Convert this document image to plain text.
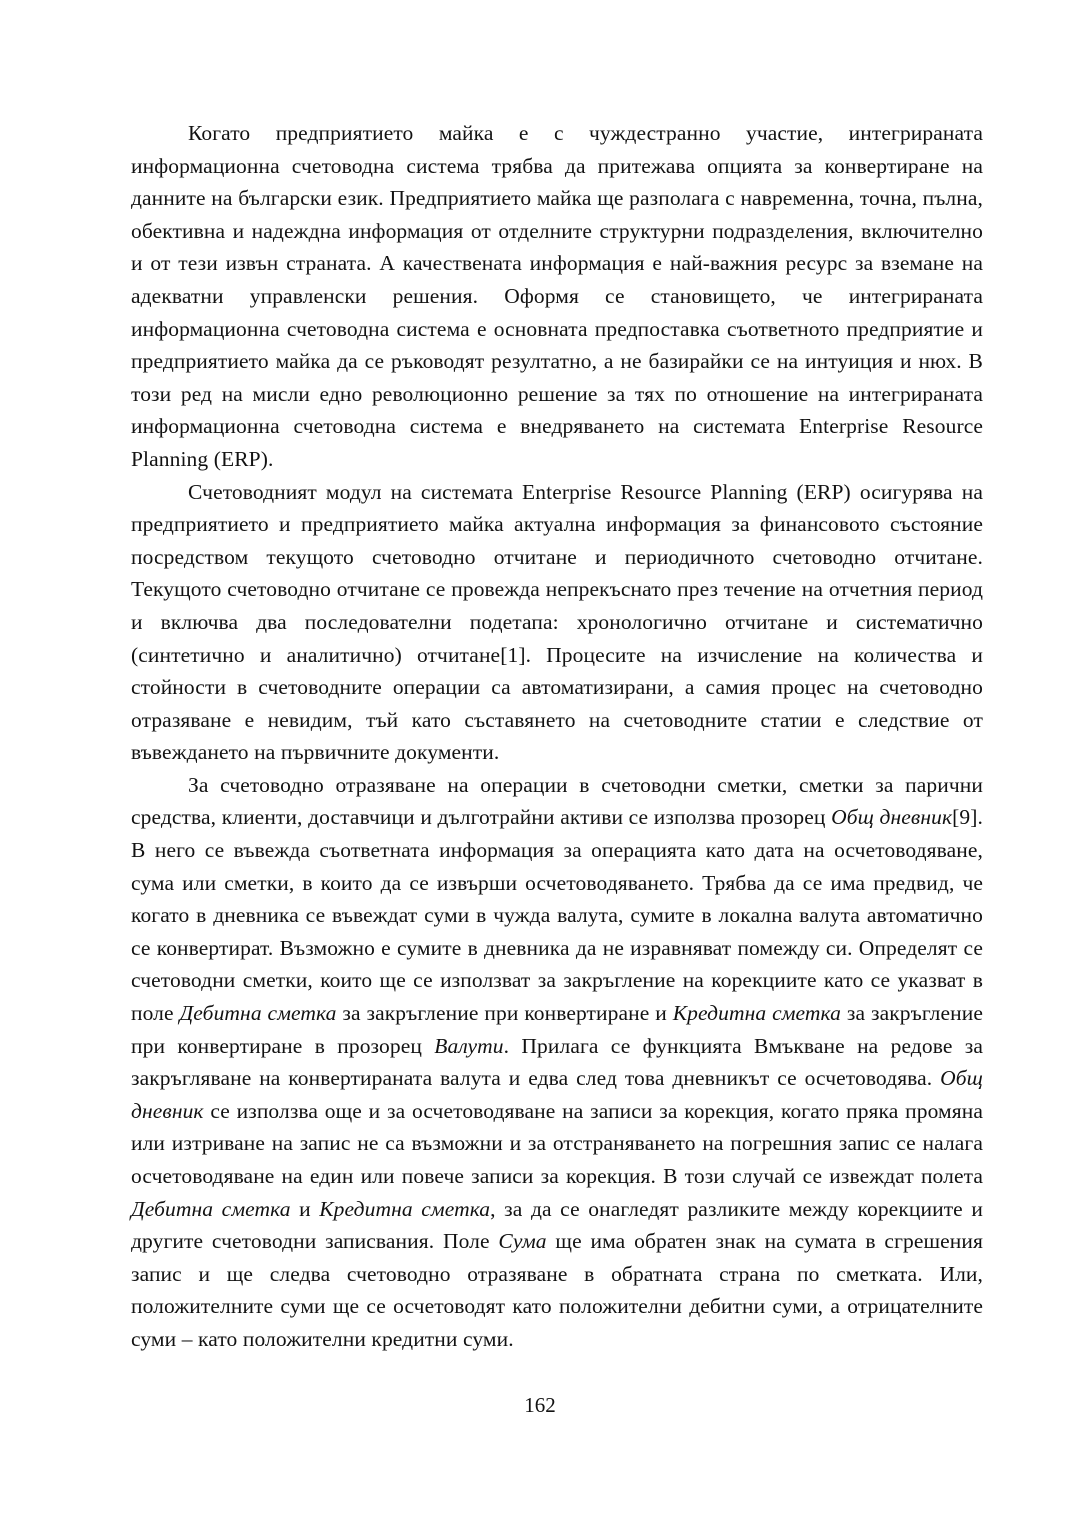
Когато предприятието майка е с чуждестранно участие, интегрираната информационна счетоводна система трябва да притежава опцията за конвертиране на данните на български език. Предприятието майка ще разполага с навременна, точна, пълна, обективна и надеждна информация от отделните структурни подразделения, включително и от тези извън страната. А качествената информация е най-важния ресурс за вземане на адекватни управленски решения. Оформя се становището, че интегрираната информационна счетоводна система е основната предпоставка съответното предприятие и предприятието майка да се ръководят резултатно, а не базирайки се на интуиция и нюх. В този ред на мисли едно революционно решение за тях по отношение на интегрираната информационна счетоводна система е внедряването на системата Enterprise Resource Planning (ERP).

Счетоводният модул на системата Enterprise Resource Planning (ERP) осигурява на предприятието и предприятието майка актуална информация за финансовото състояние посредством текущото счетоводно отчитане и периодичното счетоводно отчитане. Текущото счетоводно отчитане се провежда непрекъснато през течение на отчетния период и включва два последователни подетапа: хронологично отчитане и систематично (синтетично и аналитично) отчитане[1]. Процесите на изчисление на количества и стойности в счетоводните операции са автоматизирани, а самия процес на счетоводно отразяване е невидим, тъй като съставянето на счетоводните статии е следствие от въвеждането на първичните документи.

За счетоводно отразяване на операции в счетоводни сметки, сметки за парични средства, клиенти, доставчици и дълготрайни активи се използва прозорец Общ дневник[9]. В него се въвежда съответната информация за операцията като дата на осчетоводяване, сума или сметки, в които да се извърши осчетоводяването. Трябва да се има предвид, че когато в дневника се въвеждат суми в чужда валута, сумите в локална валута автоматично се конвертират. Възможно е сумите в дневника да не изравняват помежду си. Определят се счетоводни сметки, които ще се използват за закръгление на корекциите като се указват в поле Дебитна сметка за закръгление при конвертиране и Кредитна сметка за закръгление при конвертиране в прозорец Валути. Прилага се функцията Вмъкване на редове за закръгляване на конвертираната валута и едва след това дневникът се осчетоводява. Общ дневник се използва още и за осчетоводяване на записи за корекция, когато пряка промяна или изтриване на запис не са възможни и за отстраняването на погрешния запис се налага осчетоводяване на един или повече записи за корекция. В този случай се извеждат полета Дебитна сметка и Кредитна сметка, за да се онагледят разликите между корекциите и другите счетоводни записвания. Поле Сума ще има обратен знак на сумата в сгрешения запис и ще следва счетоводно отразяване в обратната страна по сметката. Или, положителните суми ще се осчетоводят като положителни дебитни суми, а отрицателните суми – като положителни кредитни суми.

162
